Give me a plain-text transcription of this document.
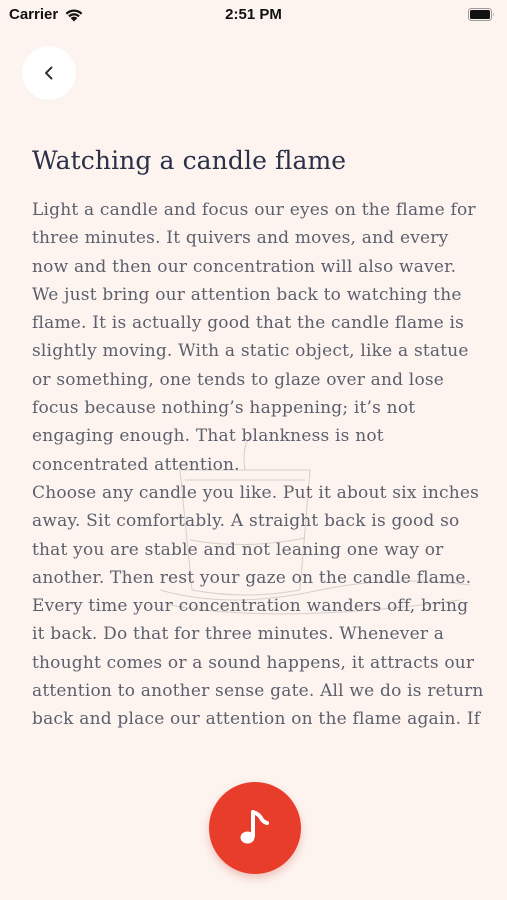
Carrier	2:51 PM
Watching a candle flame

Light a candle and focus our eyes on the flame for three minutes. It quivers and moves, and every now and then our concentration will also waver. We just bring our attention back to watching the flame. It is actually good that the candle flame is slightly moving. With a static object, like a statue or something, one tends to glaze over and lose focus because nothing’s happening; it’s not engaging enough. That blankness is not concentrated attention.
Choose any candle you like. Put it about six inches away. Sit comfortably. A straight back is good so that you are stable and not leaning one way or another. Then rest your gaze on the candle flame. Every time your concentration wanders off, bring it back. Do that for three minutes. Whenever a thought comes or a sound happens, it attracts our attention to another sense gate. All we do is return back and place our attention on the flame again. If
